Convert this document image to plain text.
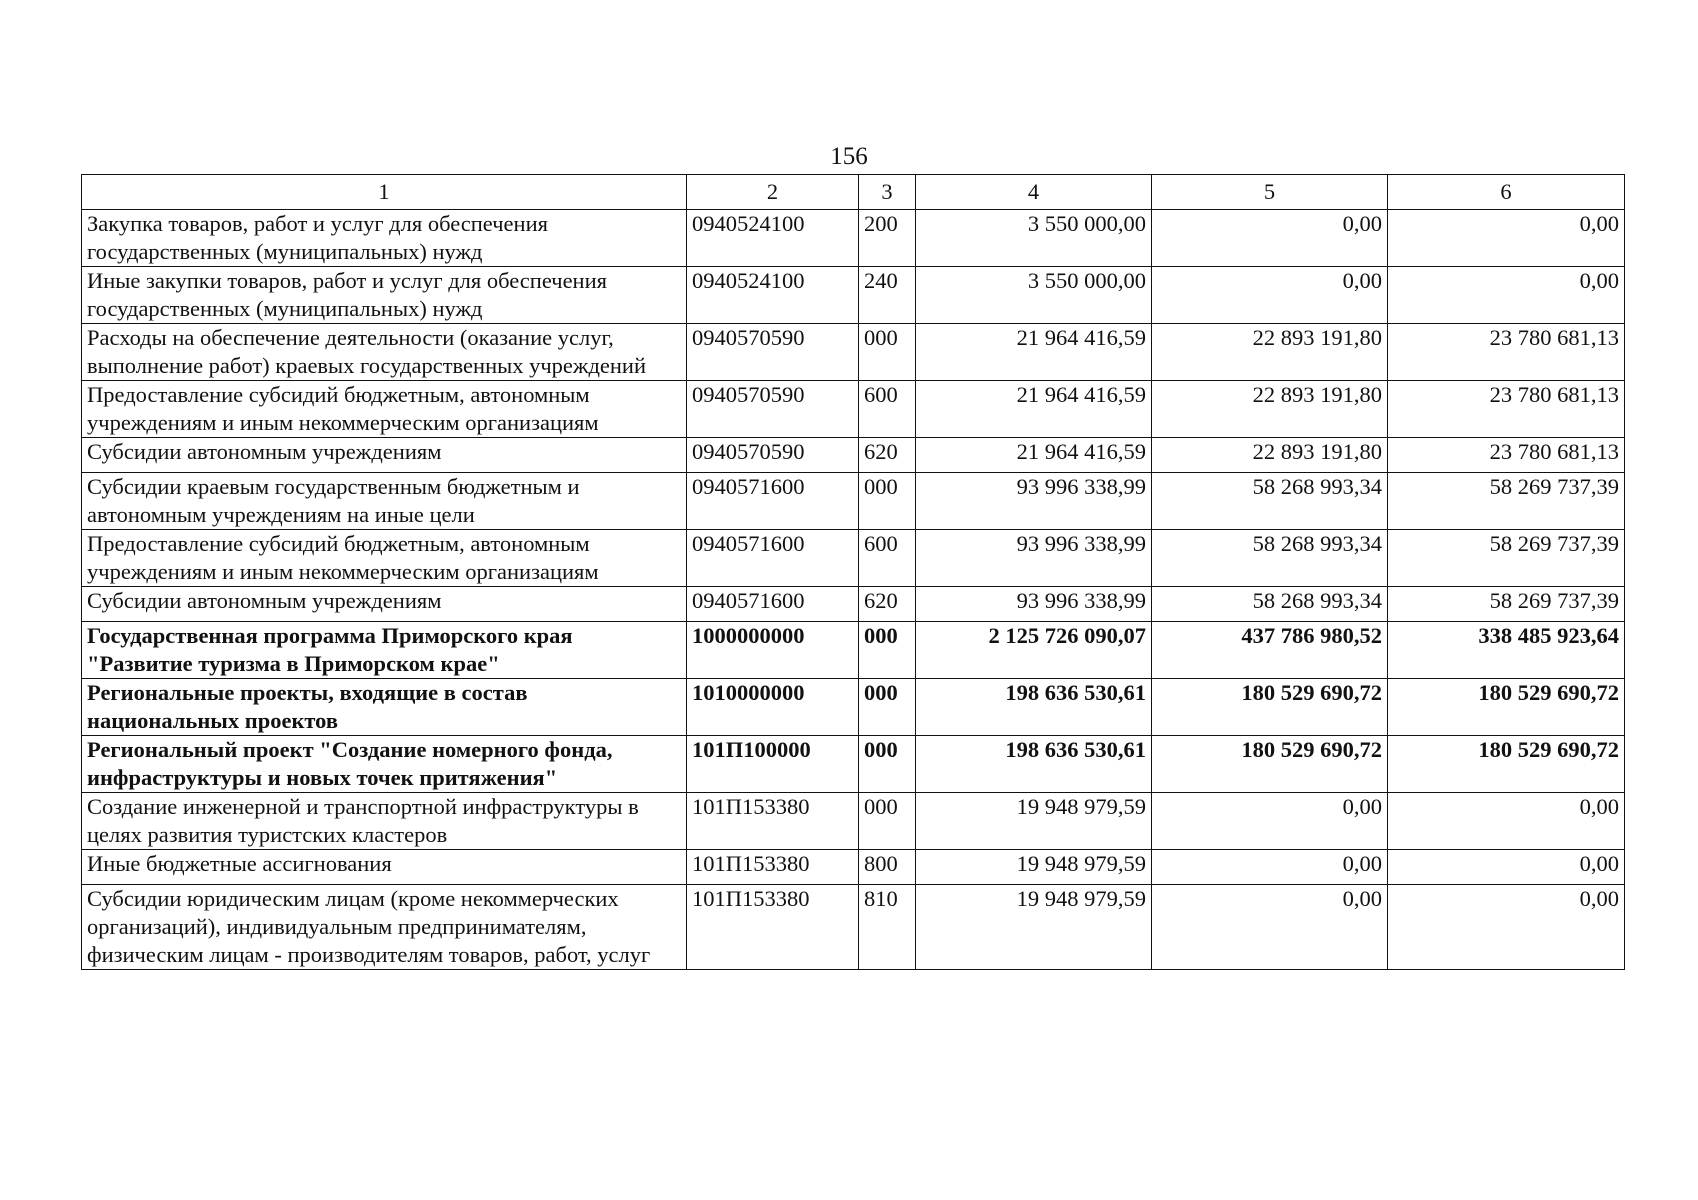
156
1	2	3	4	5	6
Закупка товаров, работ и услуг для обеспечения государственных (муниципальных) нужд	0940524100	200	3 550 000,00	0,00	0,00
Иные закупки товаров, работ и услуг для обеспечения государственных (муниципальных) нужд	0940524100	240	3 550 000,00	0,00	0,00
Расходы на обеспечение деятельности (оказание услуг, выполнение работ) краевых государственных учреждений	0940570590	000	21 964 416,59	22 893 191,80	23 780 681,13
Предоставление субсидий бюджетным, автономным учреждениям и иным некоммерческим организациям	0940570590	600	21 964 416,59	22 893 191,80	23 780 681,13
Субсидии автономным учреждениям	0940570590	620	21 964 416,59	22 893 191,80	23 780 681,13
Субсидии краевым государственным бюджетным и автономным учреждениям на иные цели	0940571600	000	93 996 338,99	58 268 993,34	58 269 737,39
Предоставление субсидий бюджетным, автономным учреждениям и иным некоммерческим организациям	0940571600	600	93 996 338,99	58 268 993,34	58 269 737,39
Субсидии автономным учреждениям	0940571600	620	93 996 338,99	58 268 993,34	58 269 737,39
Государственная программа Приморского края "Развитие туризма в Приморском крае"	1000000000	000	2 125 726 090,07	437 786 980,52	338 485 923,64
Региональные проекты, входящие в состав национальных проектов	1010000000	000	198 636 530,61	180 529 690,72	180 529 690,72
Региональный проект "Создание номерного фонда, инфраструктуры и новых точек притяжения"	101П100000	000	198 636 530,61	180 529 690,72	180 529 690,72
Создание инженерной и транспортной инфраструктуры в целях развития туристских кластеров	101П153380	000	19 948 979,59	0,00	0,00
Иные бюджетные ассигнования	101П153380	800	19 948 979,59	0,00	0,00
Субсидии юридическим лицам (кроме некоммерческих организаций), индивидуальным предпринимателям, физическим лицам - производителям товаров, работ, услуг	101П153380	810	19 948 979,59	0,00	0,00
